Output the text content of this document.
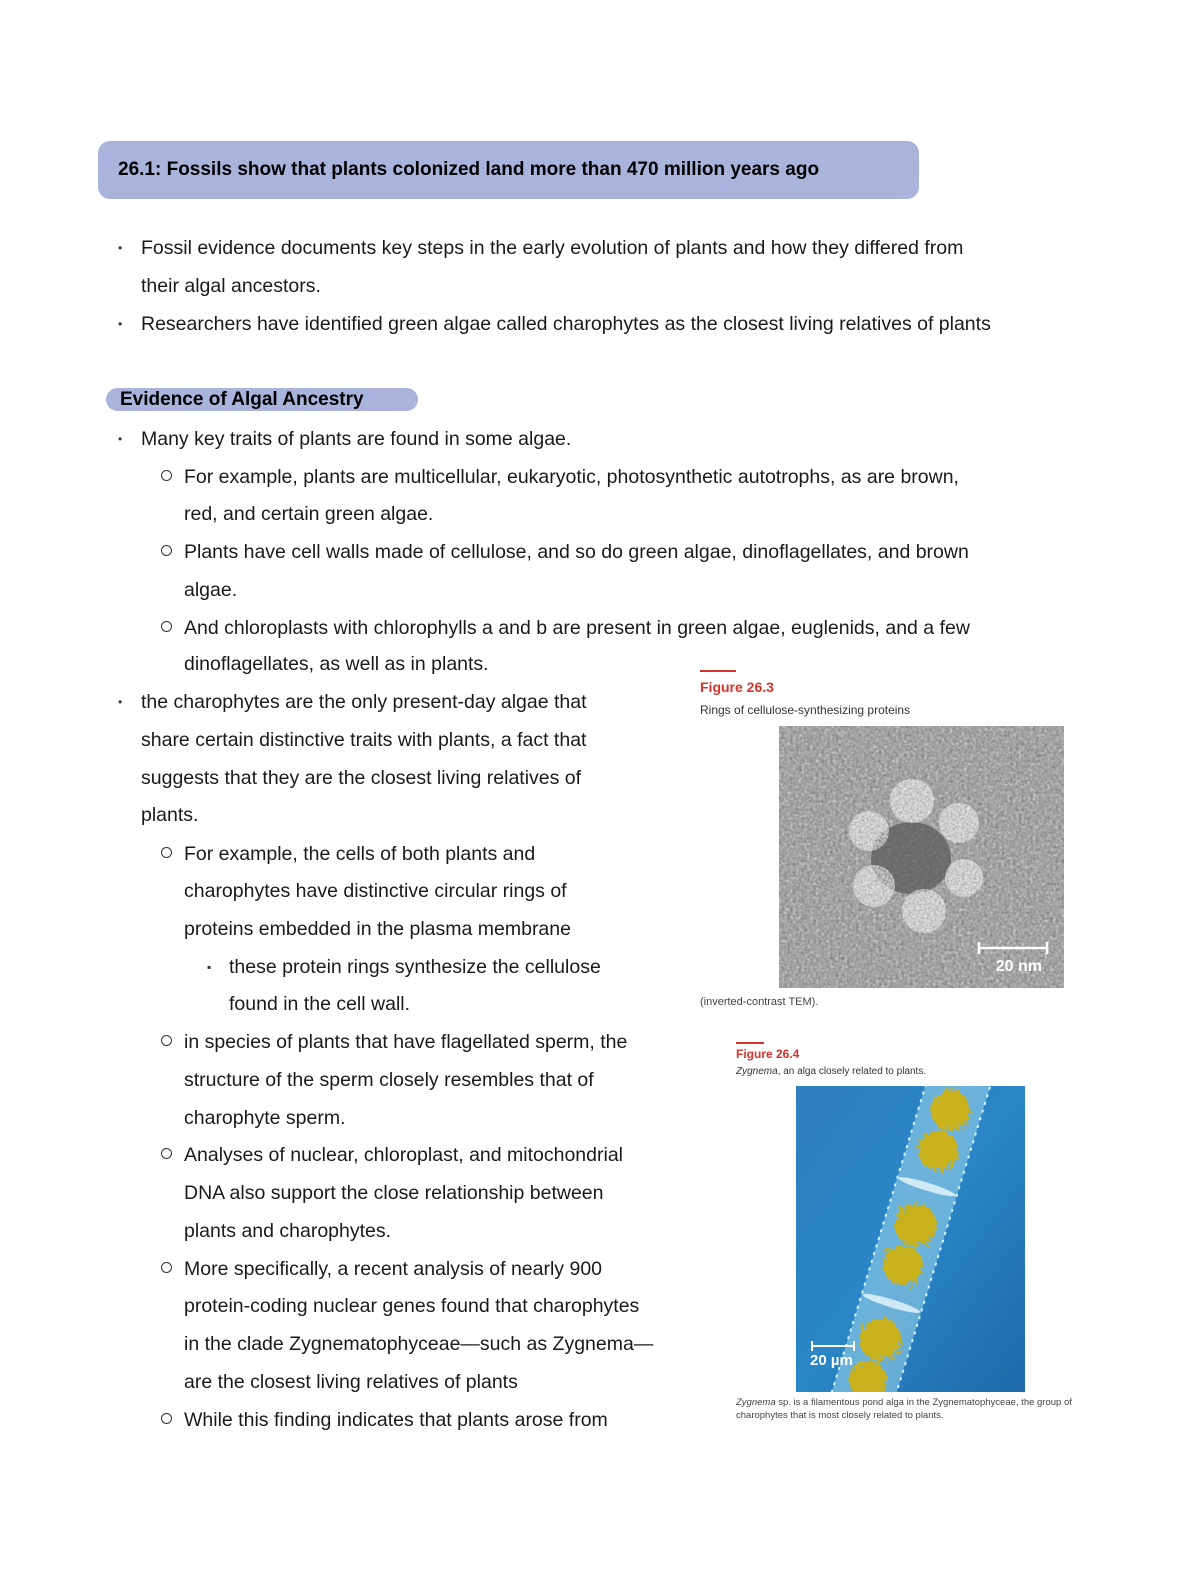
26.1: Fossils show that plants colonized land more than 470 million years ago
• Fossil evidence documents key steps in the early evolution of plants and how they differed from
their algal ancestors.
• Researchers have identified green algae called charophytes as the closest living relatives of plants
Evidence of Algal Ancestry
• Many key traits of plants are found in some algae.
For example, plants are multicellular, eukaryotic, photosynthetic autotrophs, as are brown,
red, and certain green algae.
Plants have cell walls made of cellulose, and so do green algae, dinoflagellates, and brown
algae.
And chloroplasts with chlorophylls a and b are present in green algae, euglenids, and a few
dinoflagellates, as well as in plants.
• the charophytes are the only present-day algae that
share certain distinctive traits with plants, a fact that
suggests that they are the closest living relatives of
plants.
For example, the cells of both plants and
charophytes have distinctive circular rings of
proteins embedded in the plasma membrane
▪ these protein rings synthesize the cellulose
found in the cell wall.
in species of plants that have flagellated sperm, the
structure of the sperm closely resembles that of
charophyte sperm.
Analyses of nuclear, chloroplast, and mitochondrial
DNA also support the close relationship between
plants and charophytes.
More specifically, a recent analysis of nearly 900
protein-coding nuclear genes found that charophytes
in the clade Zygnematophyceae—such as Zygnema—
are the closest living relatives of plants
While this finding indicates that plants arose from
Figure 26.3
Rings of cellulose-synthesizing proteins
20 nm
(inverted-contrast TEM).
Figure 26.4
Zygnema, an alga closely related to plants.
20 µm
Zygnema sp. is a filamentous pond alga in the Zygnematophyceae, the group of
charophytes that is most closely related to plants.
